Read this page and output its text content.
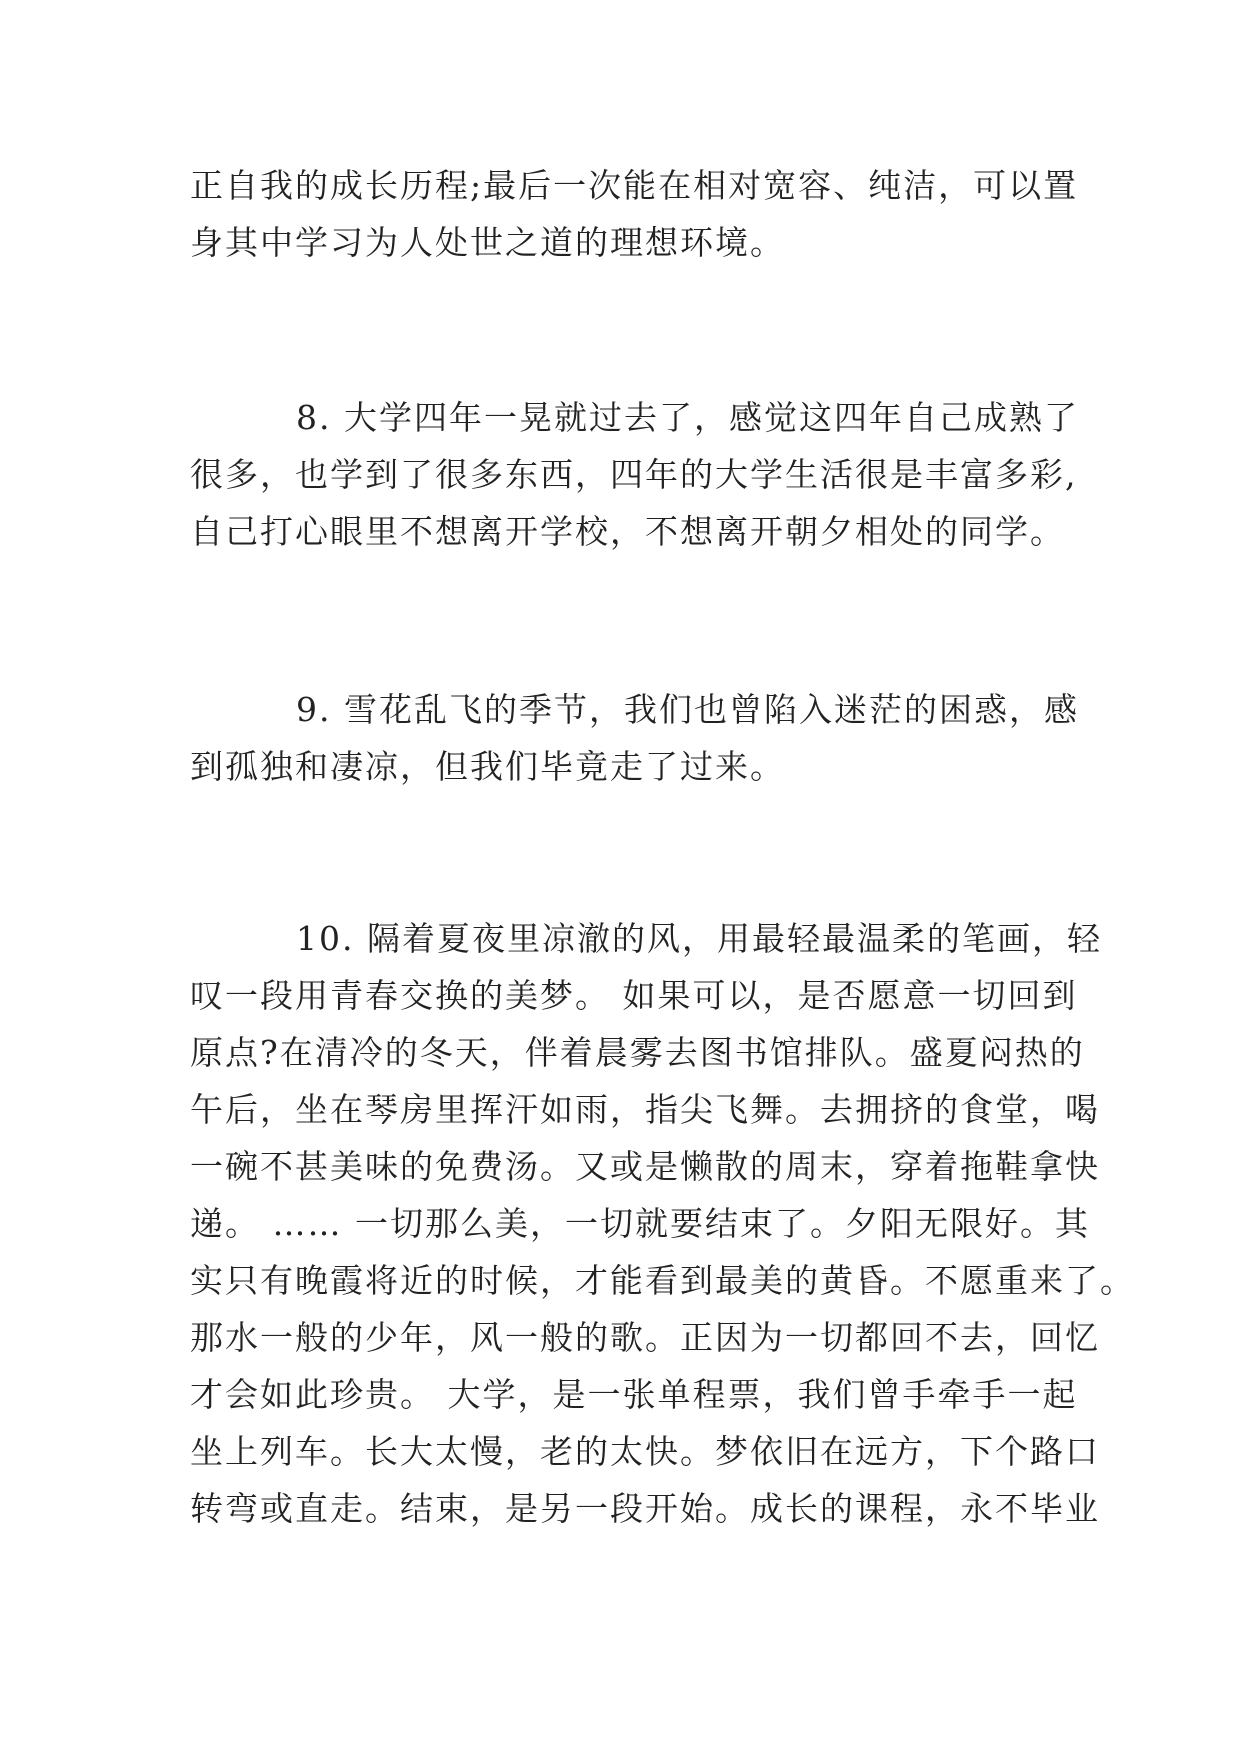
正自我的成长历程;最后一次能在相对宽容、纯洁，可以置
身其中学习为人处世之道的理想环境。

8. 大学四年一晃就过去了，感觉这四年自己成熟了
很多，也学到了很多东西，四年的大学生活很是丰富多彩,
自己打心眼里不想离开学校，不想离开朝夕相处的同学。

9. 雪花乱飞的季节，我们也曾陷入迷茫的困惑，感
到孤独和凄凉，但我们毕竟走了过来。

10. 隔着夏夜里凉澈的风，用最轻最温柔的笔画，轻
叹一段用青春交换的美梦。 如果可以，是否愿意一切回到
原点?在清冷的冬天，伴着晨雾去图书馆排队。盛夏闷热的
午后，坐在琴房里挥汗如雨，指尖飞舞。去拥挤的食堂，喝
一碗不甚美味的免费汤。又或是懒散的周末，穿着拖鞋拿快
递。 …… 一切那么美，一切就要结束了。夕阳无限好。其
实只有晚霞将近的时候，才能看到最美的黄昏。不愿重来了。
那水一般的少年，风一般的歌。正因为一切都回不去，回忆
才会如此珍贵。 大学，是一张单程票，我们曾手牵手一起
坐上列车。长大太慢，老的太快。梦依旧在远方，下个路口
转弯或直走。结束，是另一段开始。成长的课程，永不毕业
